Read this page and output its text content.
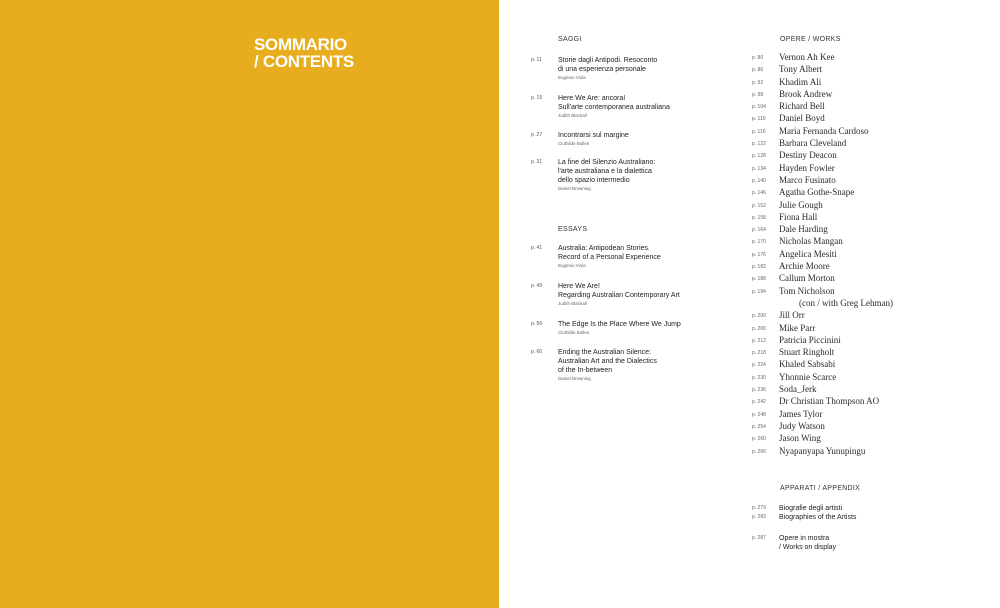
SOMMARIO
/ CONTENTS
SAGGI
p. 11 Storie dagli Antipodi. Resoconto
di una esperienza personale
Eugenio Viola
p. 19 Here We Are: ancoraI
Sull'arte contemporanea australiana
Judith Blackall
p. 27 Incontrarsi sul margine
Clothilde Bullen
p. 31 La fine del Silenzio Australiano:
l'arte australiana e la dialettica
dello spazio intermedio
Daniel Browning
ESSAYS
p. 41 Australia: Antipodean Stories.
Record of a Personal Experience
Eugenio Viola
p. 49 Here We Are!
Regarding Australian Contemporary Art
Judith Blackall
p. 56 The Edge Is the Place Where We Jump
Clothilde Bullen
p. 60 Ending the Australian Silence:
Australian Art and the Dialectics
of the In-between
Daniel Browning
OPERE / WORKS
p. 80 Vernon Ah Kee
p. 86 Tony Albert
p. 92 Khadim Ali
p. 98 Brook Andrew
p. 104 Richard Bell
p. 110 Daniel Boyd
p. 116 Maria Fernanda Cardoso
p. 122 Barbara Cleveland
p. 128 Destiny Deacon
p. 134 Hayden Fowler
p. 140 Marco Fusinato
p. 146 Agatha Gothe-Snape
p. 152 Julie Gough
p. 158 Fiona Hall
p. 164 Dale Harding
p. 170 Nicholas Mangan
p. 176 Angelica Mesiti
p. 182 Archie Moore
p. 188 Callum Morton
p. 194 Tom Nicholson
(con / with Greg Lehman)
p. 200 Jill Orr
p. 206 Mike Parr
p. 212 Patricia Piccinini
p. 218 Stuart Ringholt
p. 224 Khaled Sabsabi
p. 230 Yhonnie Scarce
p. 236 Soda_Jerk
p. 242 Dr Christian Thompson AO
p. 248 James Tylor
p. 254 Judy Watson
p. 260 Jason Wing
p. 266 Nyapanyapa Yunupingu
APPARATI / APPENDIX
p. 279
p. 283
Biografie degli artisti
Biographies of the Artists
p. 287 Opere in mostra
/ Works on display
